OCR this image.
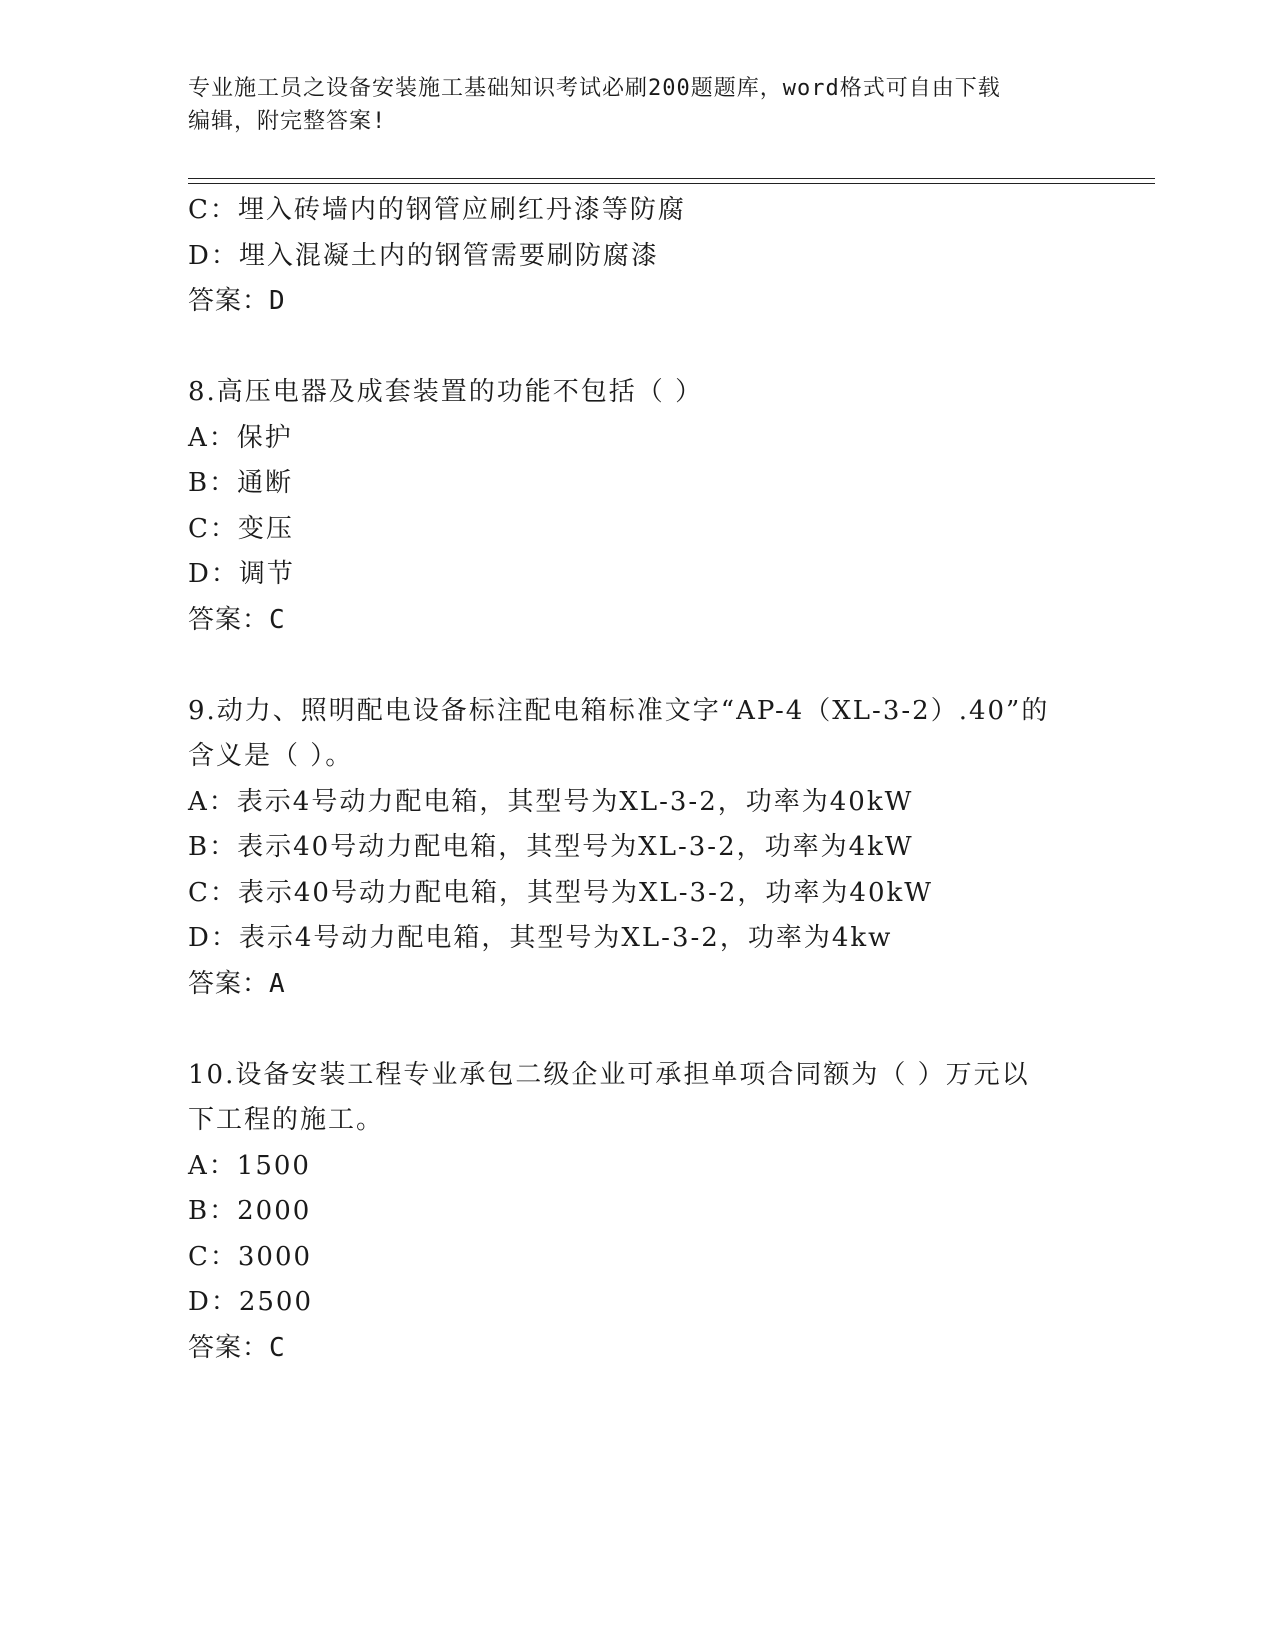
专业施工员之设备安装施工基础知识考试必刷200题题库，word格式可自由下载

编辑，附完整答案!

C：埋入砖墙内的钢管应刷红丹漆等防腐
D：埋入混凝土内的钢管需要刷防腐漆
答案：D
8.高压电器及成套装置的功能不包括（ ）
A：保护
B：通断
C：变压
D：调节
答案：C
9.动力、照明配电设备标注配电箱标准文字“AP-4（XL-3-2）.40”的
含义是（ ）。
A：表示4号动力配电箱，其型号为XL-3-2，功率为40kW
B：表示40号动力配电箱，其型号为XL-3-2，功率为4kW
C：表示40号动力配电箱，其型号为XL-3-2，功率为40kW
D：表示4号动力配电箱，其型号为XL-3-2，功率为4kw
答案：A
10.设备安装工程专业承包二级企业可承担单项合同额为（ ）万元以
下工程的施工。
A：1500
B：2000
C：3000
D：2500
答案：C
